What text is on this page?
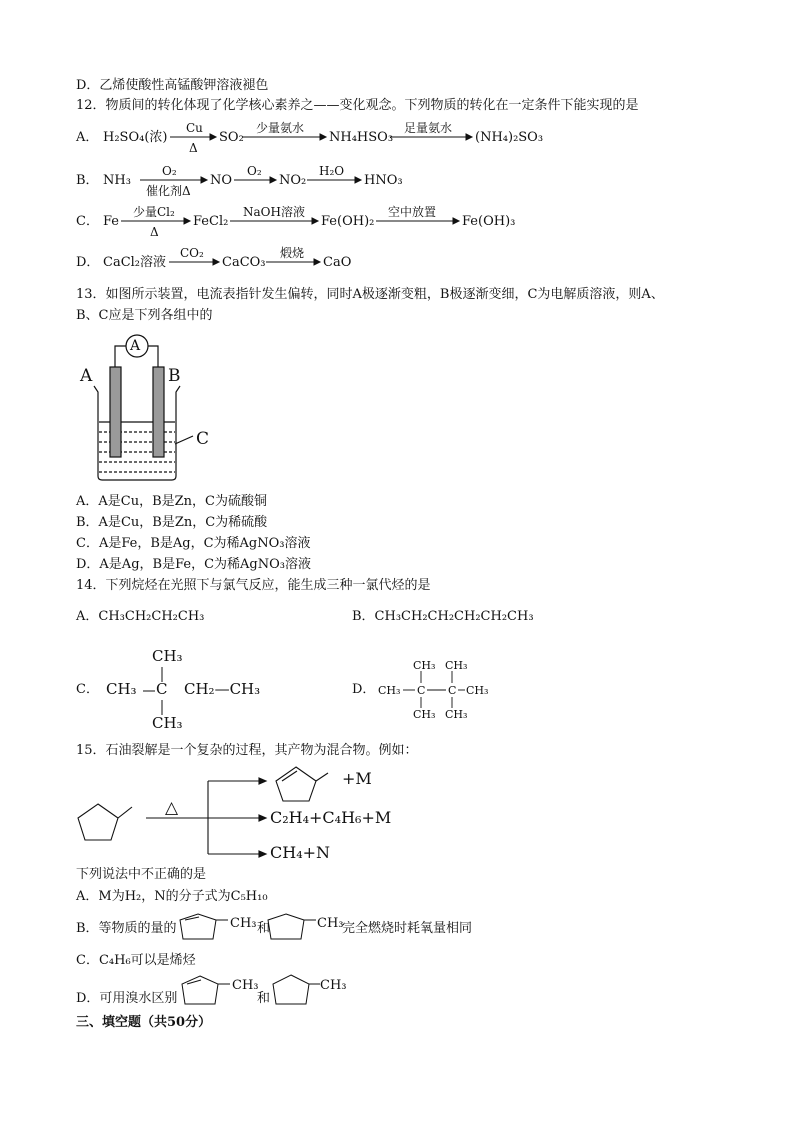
D．乙烯使酸性高锰酸钾溶液褪色
12．物质间的转化体现了化学核心素养之——变化观念。下列物质的转化在一定条件下能实现的是
A． H₂SO₄(浓)
Cu
Δ
SO₂
少量氨水
NH₄HSO₃
足量氨水
(NH₄)₂SO₃
B． NH₃
O₂
催化剂Δ
NO
O₂
NO₂
H₂O
HNO₃
C． Fe
少量Cl₂
Δ
FeCl₂
NaOH溶液
Fe(OH)₂
空中放置
Fe(OH)₃
D． CaCl₂溶液
CO₂
CaCO₃
煅烧
CaO
13．如图所示装置，电流表指针发生偏转，同时A极逐渐变粗，B极逐渐变细，C为电解质溶液，则A、
B、C应是下列各组中的
A	B
C
A
A．A是Cu，B是Zn，C为硫酸铜
B．A是Cu，B是Zn，C为稀硫酸
C．A是Fe，B是Ag，C为稀AgNO₃溶液
D．A是Ag，B是Fe，C为稀AgNO₃溶液
14．下列烷烃在光照下与氯气反应，能生成三种一氯代烃的是
A．CH₃CH₂CH₂CH₃	B．CH₃CH₂CH₂CH₂CH₂CH₃
C．
CH₃
CH₃ C CH₂—CH₃
CH₃
D．
CH₃ CH₃
CH₃ C C CH₃
CH₃ CH₃
15．石油裂解是一个复杂的过程，其产物为混合物。例如：
△
+M
C₂H₄+C₄H₆+M
CH₄+N
下列说法中不正确的是
A．M为H₂，N的分子式为C₅H₁₀
B．等物质的量的	CH₃ 和	CH₃
完全燃烧时耗氧量相同
C．C₄H₆可以是烯烃
D．可用溴水区别
CH₃
和
CH₃
三、填空题（共50分）
